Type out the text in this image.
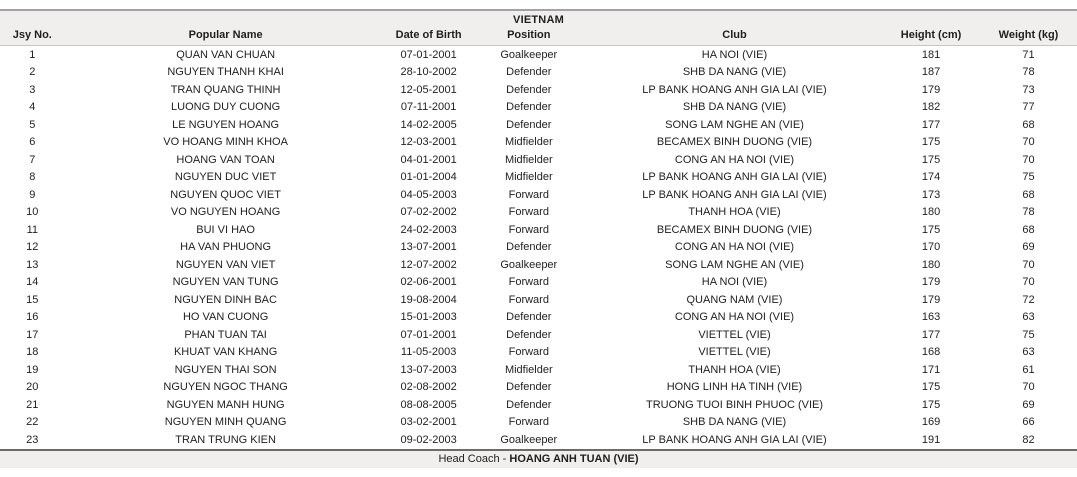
VIETNAM						
Jsy No.	Popular Name	Date of Birth	Position	Club	Height (cm)	Weight (kg)
1	QUAN VAN CHUAN	07-01-2001	Goalkeeper	HA NOI (VIE)	181	71
2	NGUYEN THANH KHAI	28-10-2002	Defender	SHB DA NANG (VIE)	187	78
3	TRAN QUANG THINH	12-05-2001	Defender	LP BANK HOANG ANH GIA LAI (VIE)	179	73
4	LUONG DUY CUONG	07-11-2001	Defender	SHB DA NANG (VIE)	182	77
5	LE NGUYEN HOANG	14-02-2005	Defender	SONG LAM NGHE AN (VIE)	177	68
6	VO HOANG MINH KHOA	12-03-2001	Midfielder	BECAMEX BINH DUONG (VIE)	175	70
7	HOANG VAN TOAN	04-01-2001	Midfielder	CONG AN HA NOI (VIE)	175	70
8	NGUYEN DUC VIET	01-01-2004	Midfielder	LP BANK HOANG ANH GIA LAI (VIE)	174	75
9	NGUYEN QUOC VIET	04-05-2003	Forward	LP BANK HOANG ANH GIA LAI (VIE)	173	68
10	VO NGUYEN HOANG	07-02-2002	Forward	THANH HOA (VIE)	180	78
11	BUI VI HAO	24-02-2003	Forward	BECAMEX BINH DUONG (VIE)	175	68
12	HA VAN PHUONG	13-07-2001	Defender	CONG AN HA NOI (VIE)	170	69
13	NGUYEN VAN VIET	12-07-2002	Goalkeeper	SONG LAM NGHE AN (VIE)	180	70
14	NGUYEN VAN TUNG	02-06-2001	Forward	HA NOI (VIE)	179	70
15	NGUYEN DINH BAC	19-08-2004	Forward	QUANG NAM (VIE)	179	72
16	HO VAN CUONG	15-01-2003	Defender	CONG AN HA NOI (VIE)	163	63
17	PHAN TUAN TAI	07-01-2001	Defender	VIETTEL (VIE)	177	75
18	KHUAT VAN KHANG	11-05-2003	Forward	VIETTEL (VIE)	168	63
19	NGUYEN THAI SON	13-07-2003	Midfielder	THANH HOA (VIE)	171	61
20	NGUYEN NGOC THANG	02-08-2002	Defender	HONG LINH HA TINH (VIE)	175	70
21	NGUYEN MANH HUNG	08-08-2005	Defender	TRUONG TUOI BINH PHUOC (VIE)	175	69
22	NGUYEN MINH QUANG	03-02-2001	Forward	SHB DA NANG (VIE)	169	66
23	TRAN TRUNG KIEN	09-02-2003	Goalkeeper	LP BANK HOANG ANH GIA LAI (VIE)	191	82
Head Coach - HOANG ANH TUAN (VIE)						
